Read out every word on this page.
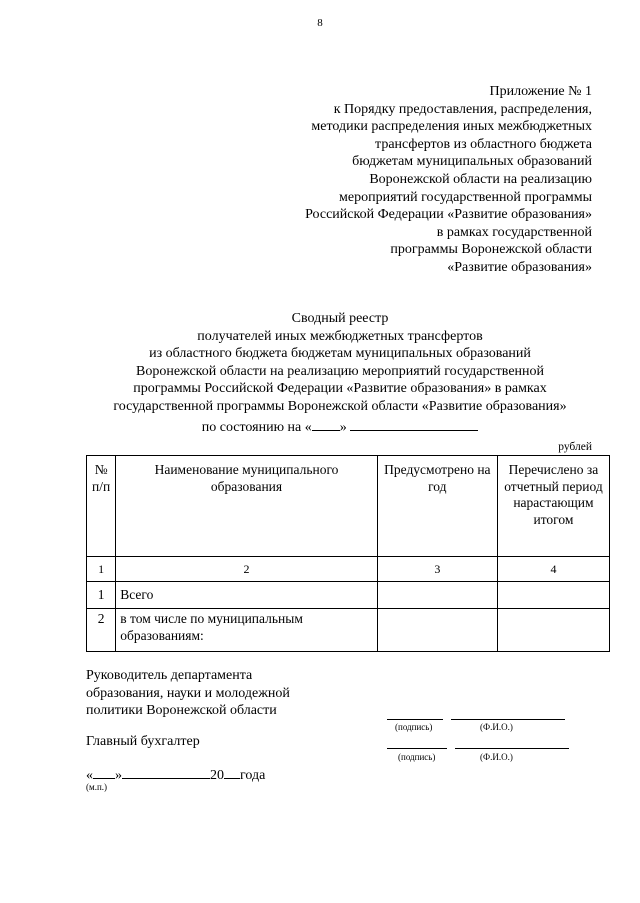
8
Приложение № 1
к Порядку предоставления, распределения,
методики распределения иных межбюджетных
трансфертов из областного бюджета
бюджетам муниципальных образований
Воронежской области на реализацию
мероприятий государственной программы
Российской Федерации «Развитие образования»
в рамках государственной
программы Воронежской области
«Развитие образования»
Сводный реестр
получателей иных межбюджетных трансфертов
из областного бюджета бюджетам муниципальных образований
Воронежской области на реализацию мероприятий государственной
программы Российской Федерации «Развитие образования» в рамках
государственной программы Воронежской области «Развитие образования»
по состоянию на « »
рублей
№ п/п	Наименование муниципального образования	Предусмотрено на год	Перечислено за отчетный период нарастающим итогом
1	2	3	4
1	Всего		
2	в том числе по муниципальным образованиям:		
Руководитель департамента
образования, науки и молодежной
политики Воронежской области
(подпись)	(Ф.И.О.)
Главный бухгалтер
(подпись)	(Ф.И.О.)
« »	20 года
(м.п.)
